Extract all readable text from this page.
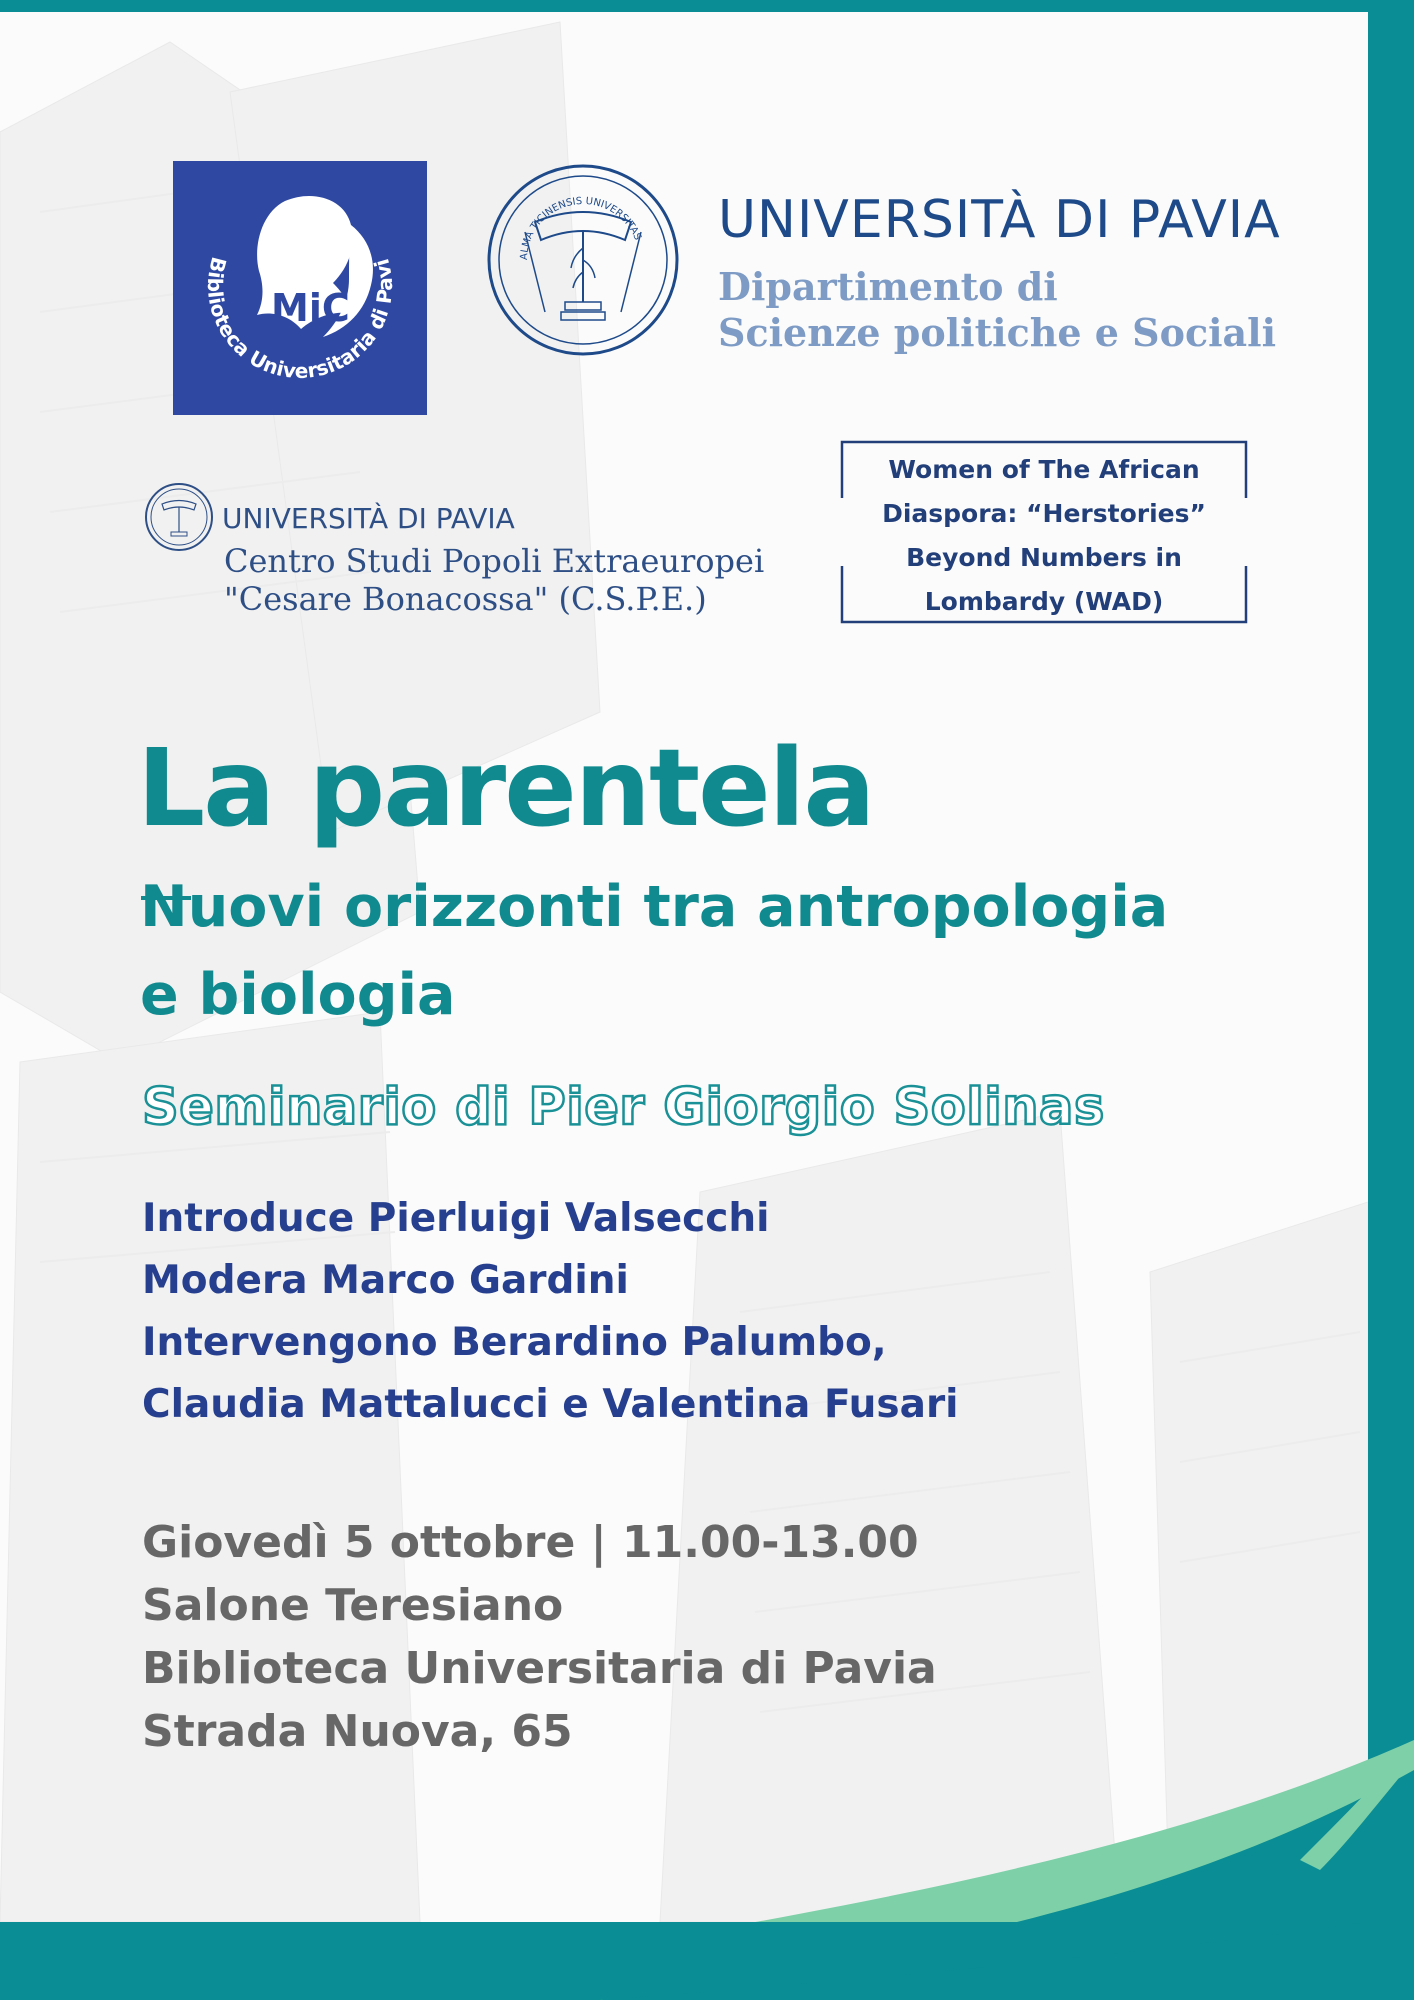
MiC
Biblioteca Universitaria di Pavi	ALMA TICINENSIS UNIVERSITAS UNIVERSITÀ DI PAVIA
Dipartimento di
Scienze politiche e Sociali
UNIVERSITÀ DI PAVIA
Centro Studi Popoli Extraeuropei
"Cesare Bonacossa" (C.S.P.E.)
Women of The African
Diaspora: “Herstories”
Beyond Numbers in
Lombardy (WAD)
La parentela
Nuovi orizzonti tra antropologia
e biologia
Seminario di Pier Giorgio Solinas
Introduce Pierluigi Valsecchi
Modera Marco Gardini
Intervengono Berardino Palumbo,
Claudia Mattalucci e Valentina Fusari
Giovedì 5 ottobre | 11.00-13.00
Salone Teresiano
Biblioteca Universitaria di Pavia
Strada Nuova, 65
